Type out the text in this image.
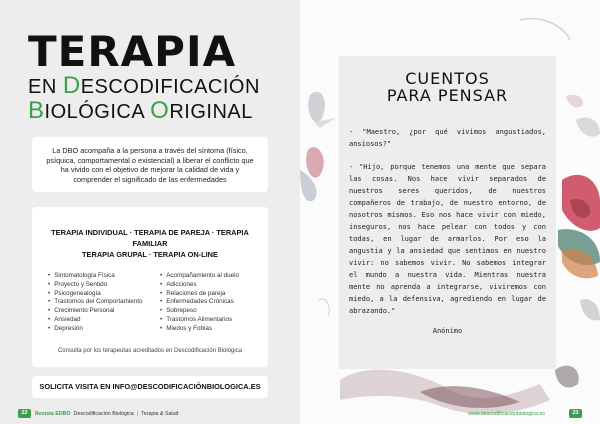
TERAPIA
EN DESCODIFICACIÓN
BIOLÓGICA ORIGINAL
La DBO acompaña a la persona a través del síntoma (físico, psíquica, comportamental o existencial) a liberar el conflicto que ha vivido con el objetivo de mejorar la calidad de vida y comprender el significado de las enfermedades
TERAPIA INDIVIDUAL · TERAPIA DE PAREJA · TERAPIA FAMILIAR
TERAPIA GRUPAL · TERAPIA ON-LINE
• Sintomatología Física
• Proyecto y Sentido
• Psicogenealogía
• Trastornos del Comportamiento
• Crecimiento Personal
• Ansiedad
• Depresión
• Acompañamiento al duelo
• Adicciones
• Relaciones de pareja
• Enfermedades Crónicas
• Sobrepeso
• Trastornos Alimentarios
• Miedos y Fobias
Consulta por los terapeutas acreditados en Descodificación Biológica
SOLICITA VISITA EN INFO@DESCODIFICACIÓNBIOLOGICA.ES
22	Revista EDBO Descodificación Biológica | Terapia & Salud
CUENTOS
PARA PENSAR

- "Maestro, ¿por qué vivimos angustiados, ansiosos?"

- "Hijo, porque tenemos una mente que separa las cosas. Nos hace vivir separados de nuestros seres queridos, de nuestros compañeros de trabajo, de nuestro entorno, de nosotros mismos. Eso nos hace vivir con miedo, inseguros, nos hace pelear con todos y con todas, en lugar de armarlos. Por eso la angustia y la ansiedad que sentimos en nuestro vivir: no sabemos vivir. No sabemos integrar el mundo a nuestra vida. Mientras nuestra mente no aprenda a integrarse, viviremos con miedo, a la defensiva, agrediendo en lugar de abrazando."

Anónimo
www.descodificaciónbiologica.es	23
